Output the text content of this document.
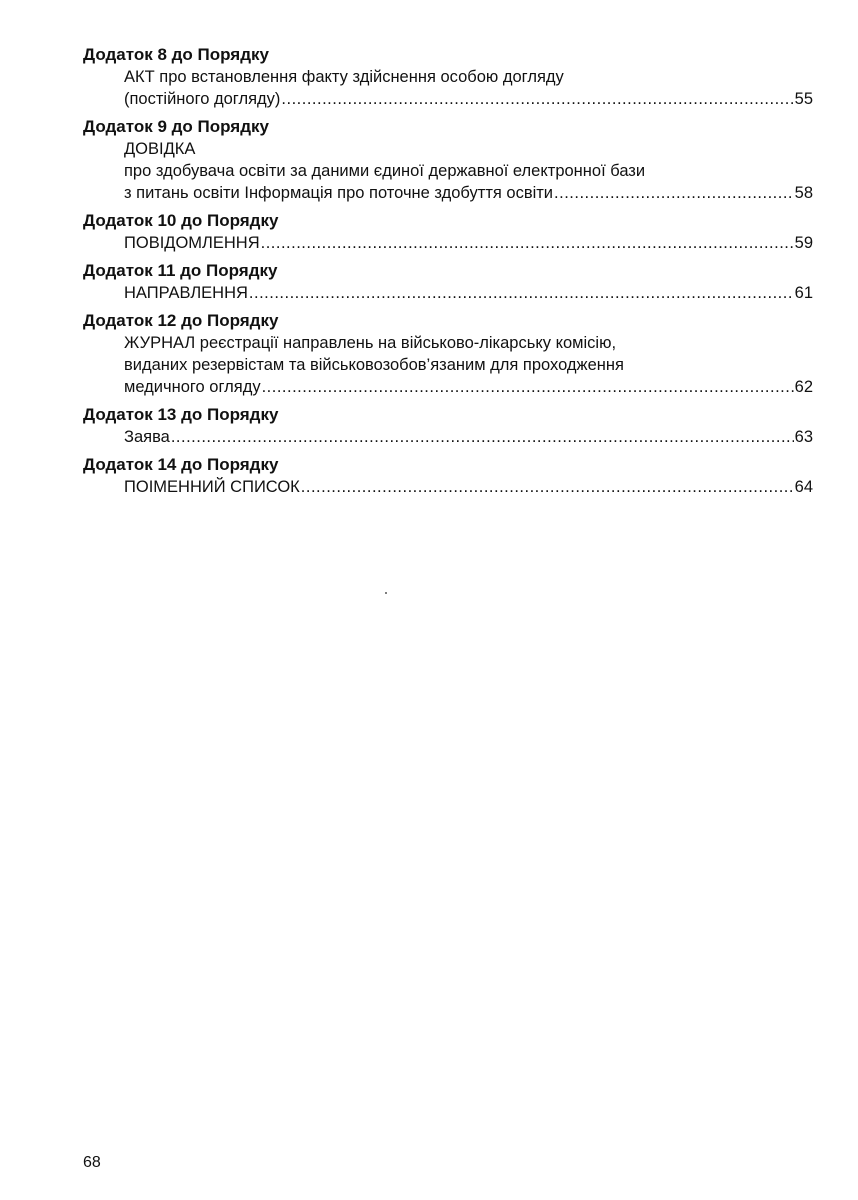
Додаток 8 до Порядку
АКТ про встановлення факту здійснення особою догляду
(постійного догляду) .....	55
Додаток 9 до Порядку
ДОВІДКА
про здобувача освіти за даними єдиної державної електронної бази
з питань освіти Інформація про поточне здобуття освіти .....	58
Додаток 10 до Порядку
ПОВІДОМЛЕННЯ .....	59
Додаток 11 до Порядку
НАПРАВЛЕННЯ .....	61
Додаток 12 до Порядку
ЖУРНАЛ реєстрації направлень на військово-лікарську комісію,
виданих резервістам та військовозобов’язаним для проходження
медичного огляду .....	62
Додаток 13 до Порядку
Заява .....	63
Додаток 14 до Порядку
ПОІМЕННИЙ СПИСОК .....	64
68
